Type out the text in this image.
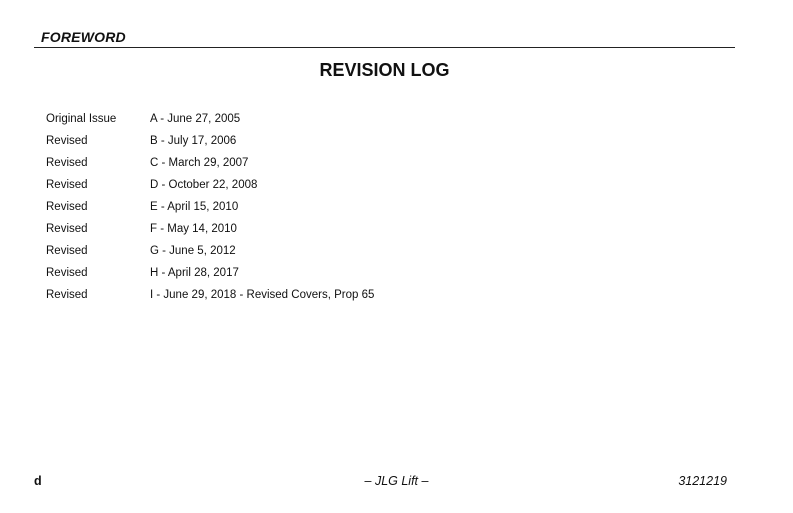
FOREWORD
REVISION LOG
Original Issue	A - June 27, 2005
Revised	B - July 17, 2006
Revised	C - March 29, 2007
Revised	D - October 22, 2008
Revised	E - April 15, 2010
Revised	F - May 14, 2010
Revised	G - June 5, 2012
Revised	H - April 28, 2017
Revised	I - June 29, 2018 - Revised Covers, Prop 65
d	– JLG Lift –	3121219
